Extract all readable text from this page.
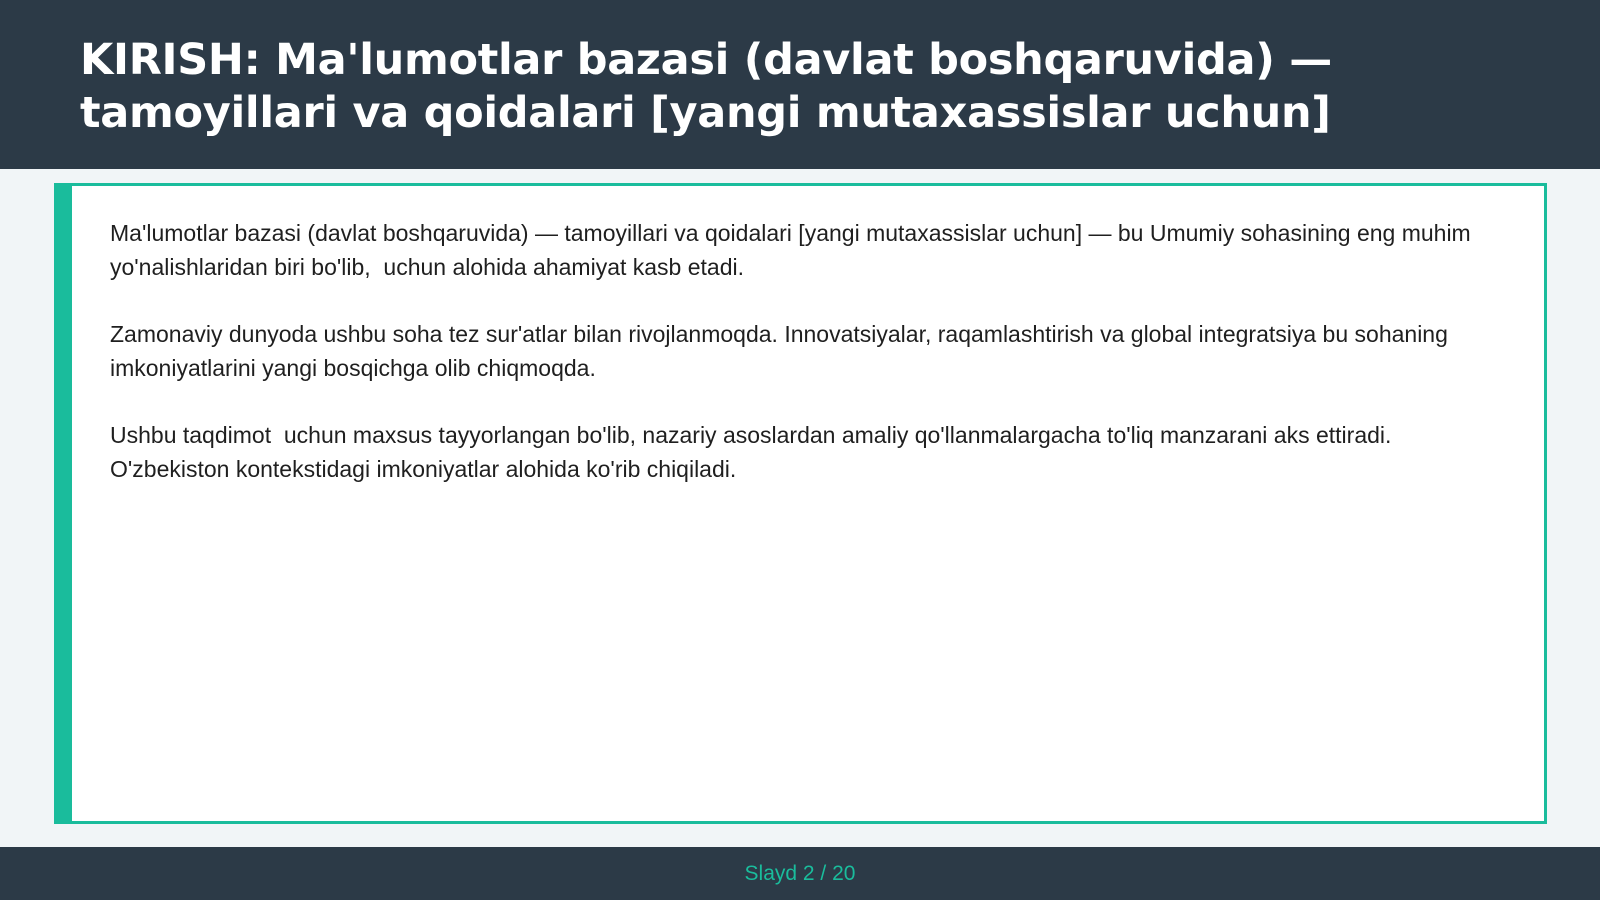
KIRISH: Ma'lumotlar bazasi (davlat boshqaruvida) — tamoyillari va qoidalari [yangi mutaxassislar uchun]

Ma'lumotlar bazasi (davlat boshqaruvida) — tamoyillari va qoidalari [yangi mutaxassislar uchun] — bu Umumiy sohasining eng muhim yo'nalishlaridan biri bo'lib,  uchun alohida ahamiyat kasb etadi.

Zamonaviy dunyoda ushbu soha tez sur'atlar bilan rivojlanmoqda. Innovatsiyalar, raqamlashtirish va global integratsiya bu sohaning imkoniyatlarini yangi bosqichga olib chiqmoqda.

Ushbu taqdimot  uchun maxsus tayyorlangan bo'lib, nazariy asoslardan amaliy qo'llanmalargacha to'liq manzarani aks ettiradi. O'zbekiston kontekstidagi imkoniyatlar alohida ko'rib chiqiladi.

Slayd 2 / 20
